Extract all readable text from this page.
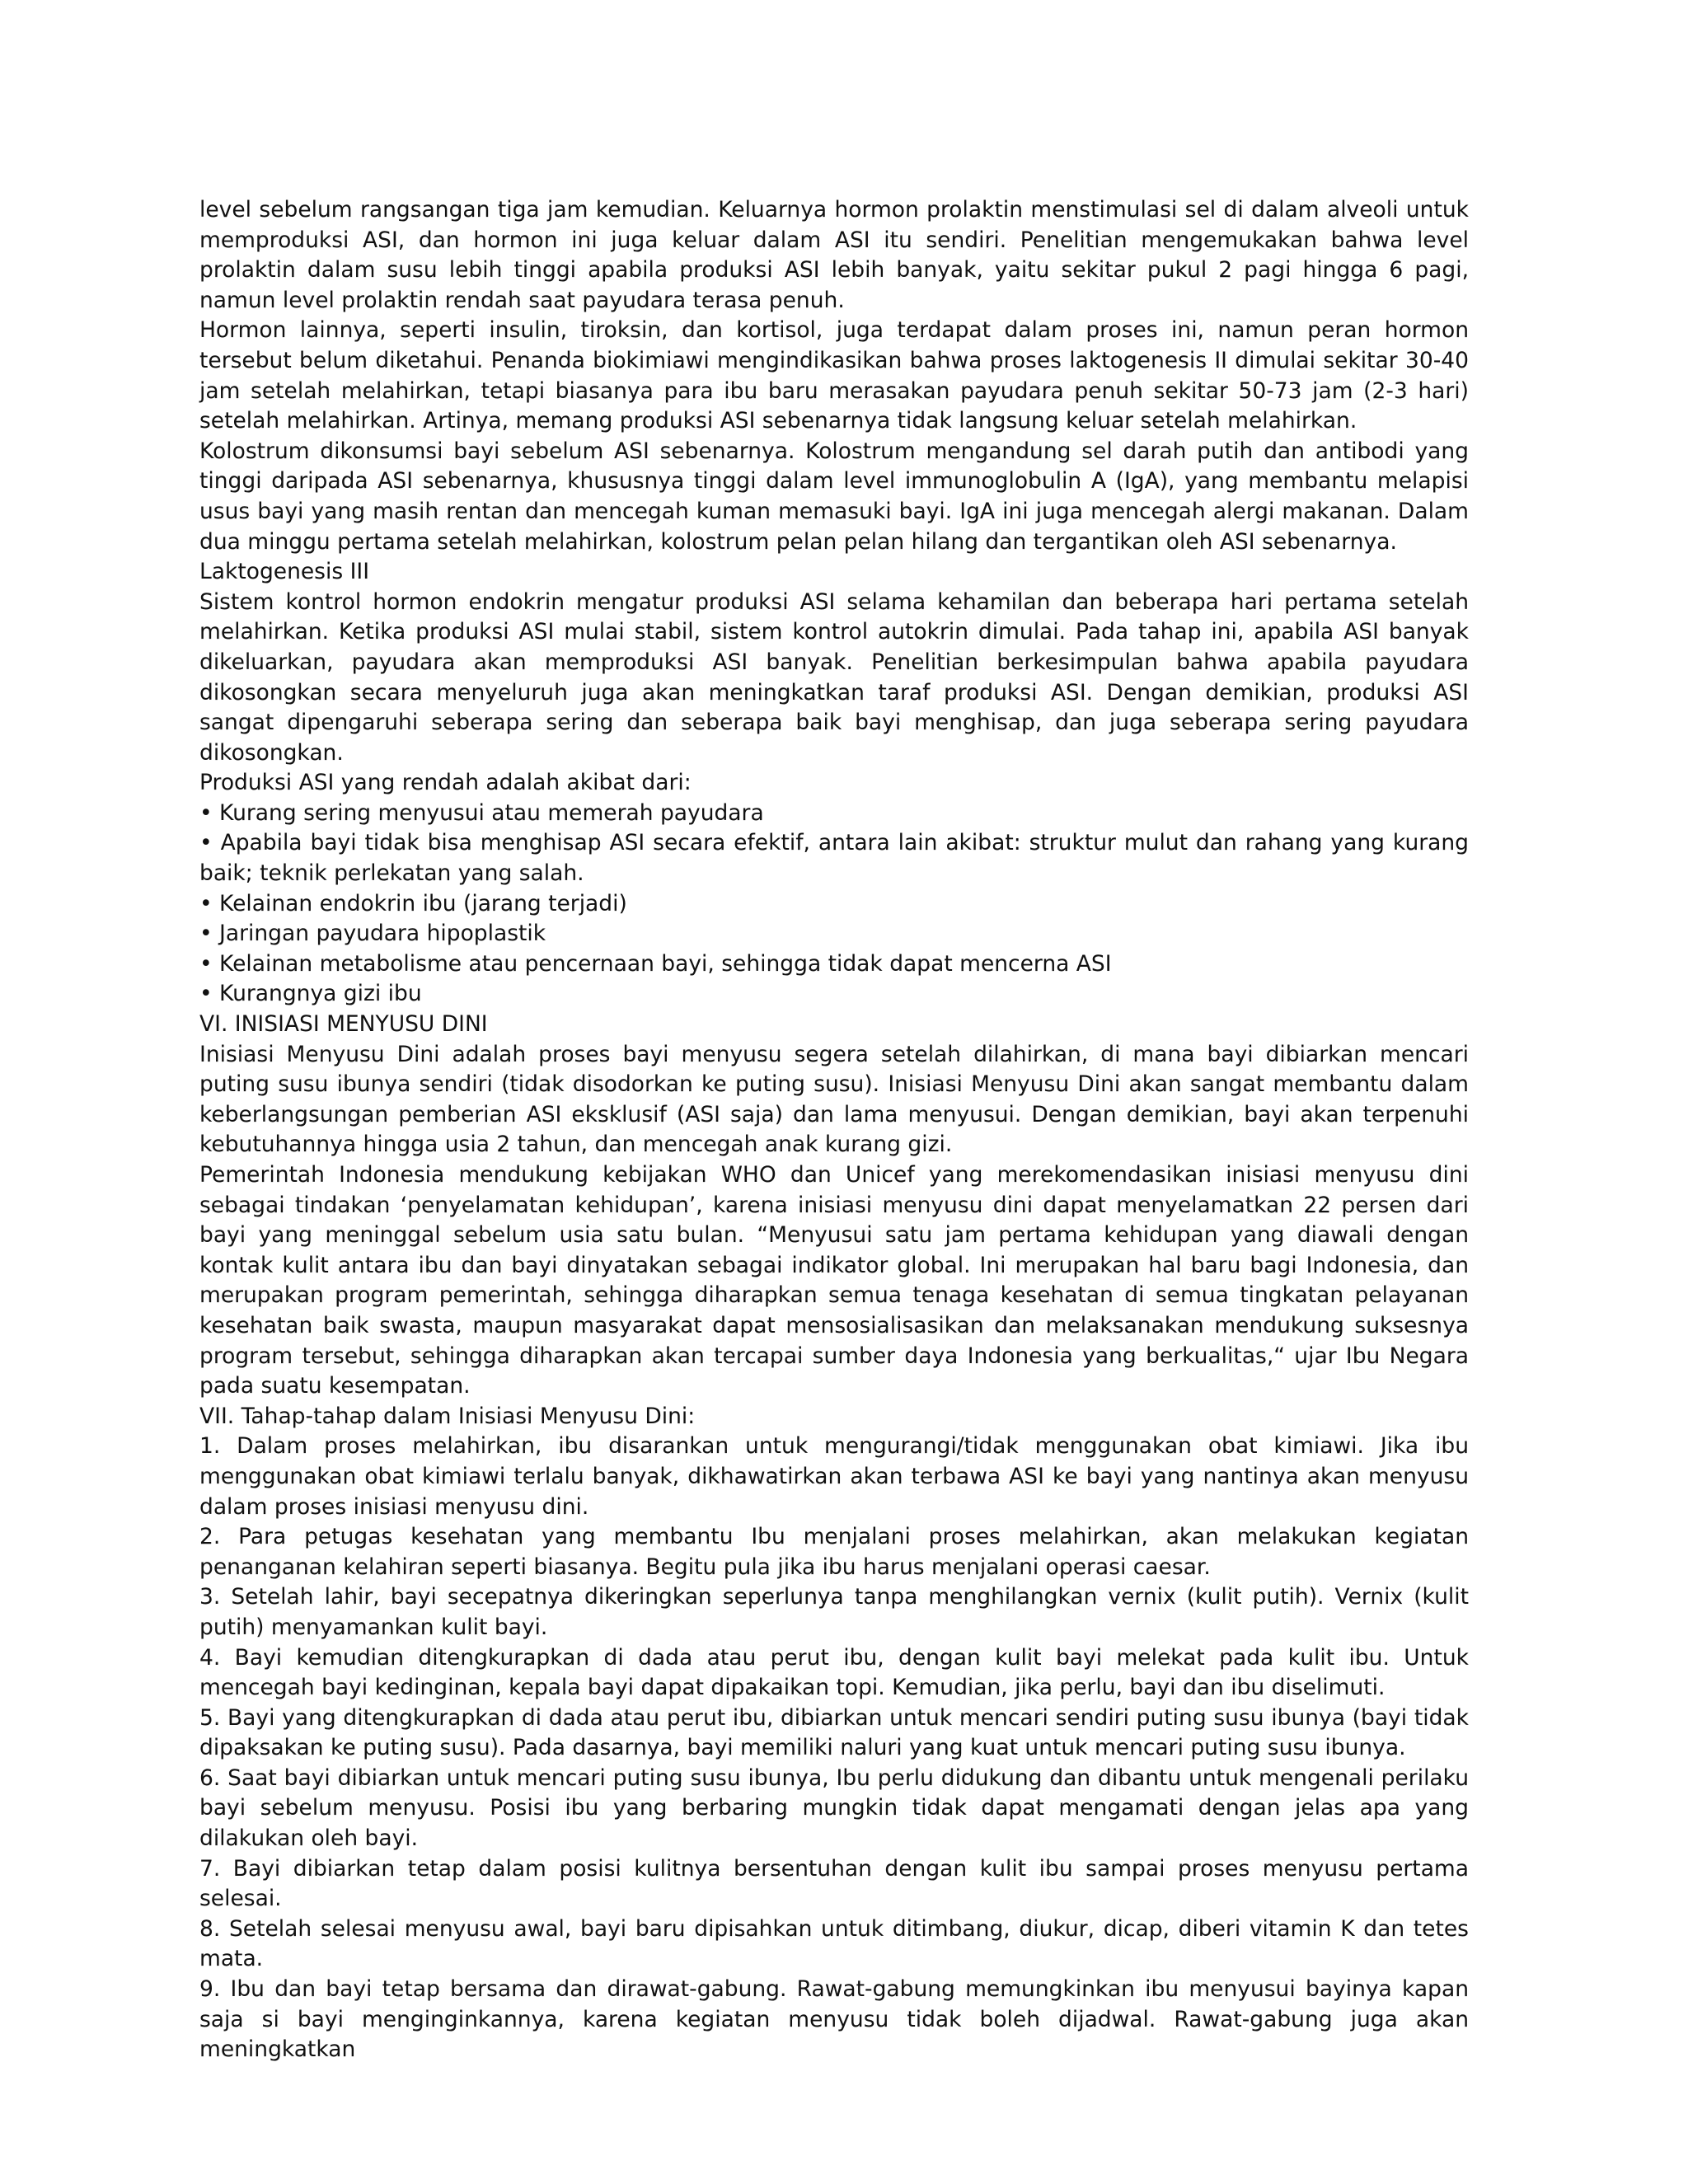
level sebelum rangsangan tiga jam kemudian. Keluarnya hormon prolaktin menstimulasi sel di dalam alveoli untuk memproduksi ASI, dan hormon ini juga keluar dalam ASI itu sendiri. Penelitian mengemukakan bahwa level prolaktin dalam susu lebih tinggi apabila produksi ASI lebih banyak, yaitu sekitar pukul 2 pagi hingga 6 pagi, namun level prolaktin rendah saat payudara terasa penuh.

Hormon lainnya, seperti insulin, tiroksin, dan kortisol, juga terdapat dalam proses ini, namun peran hormon tersebut belum diketahui. Penanda biokimiawi mengindikasikan bahwa proses laktogenesis II dimulai sekitar 30-40 jam setelah melahirkan, tetapi biasanya para ibu baru merasakan payudara penuh sekitar 50-73 jam (2-3 hari) setelah melahirkan. Artinya, memang produksi ASI sebenarnya tidak langsung keluar setelah melahirkan.

Kolostrum dikonsumsi bayi sebelum ASI sebenarnya. Kolostrum mengandung sel darah putih dan antibodi yang tinggi daripada ASI sebenarnya, khususnya tinggi dalam level immunoglobulin A (IgA), yang membantu melapisi usus bayi yang masih rentan dan mencegah kuman memasuki bayi. IgA ini juga mencegah alergi makanan. Dalam dua minggu pertama setelah melahirkan, kolostrum pelan pelan hilang dan tergantikan oleh ASI sebenarnya.

Laktogenesis III

Sistem kontrol hormon endokrin mengatur produksi ASI selama kehamilan dan beberapa hari pertama setelah melahirkan. Ketika produksi ASI mulai stabil, sistem kontrol autokrin dimulai. Pada tahap ini, apabila ASI banyak dikeluarkan, payudara akan memproduksi ASI banyak. Penelitian berkesimpulan bahwa apabila payudara dikosongkan secara menyeluruh juga akan meningkatkan taraf produksi ASI. Dengan demikian, produksi ASI sangat dipengaruhi seberapa sering dan seberapa baik bayi menghisap, dan juga seberapa sering payudara dikosongkan.

Produksi ASI yang rendah adalah akibat dari:

• Kurang sering menyusui atau memerah payudara

• Apabila bayi tidak bisa menghisap ASI secara efektif, antara lain akibat: struktur mulut dan rahang yang kurang baik; teknik perlekatan yang salah.

• Kelainan endokrin ibu (jarang terjadi)

• Jaringan payudara hipoplastik

• Kelainan metabolisme atau pencernaan bayi, sehingga tidak dapat mencerna ASI

• Kurangnya gizi ibu

VI. INISIASI MENYUSU DINI

Inisiasi Menyusu Dini adalah proses bayi menyusu segera setelah dilahirkan, di mana bayi dibiarkan mencari puting susu ibunya sendiri (tidak disodorkan ke puting susu). Inisiasi Menyusu Dini akan sangat membantu dalam keberlangsungan pemberian ASI eksklusif (ASI saja) dan lama menyusui. Dengan demikian, bayi akan terpenuhi kebutuhannya hingga usia 2 tahun, dan mencegah anak kurang gizi.

Pemerintah Indonesia mendukung kebijakan WHO dan Unicef yang merekomendasikan inisiasi menyusu dini sebagai tindakan ‘penyelamatan kehidupan’, karena inisiasi menyusu dini dapat menyelamatkan 22 persen dari bayi yang meninggal sebelum usia satu bulan. “Menyusui satu jam pertama kehidupan yang diawali dengan kontak kulit antara ibu dan bayi dinyatakan sebagai indikator global. Ini merupakan hal baru bagi Indonesia, dan merupakan program pemerintah, sehingga diharapkan semua tenaga kesehatan di semua tingkatan pelayanan kesehatan baik swasta, maupun masyarakat dapat mensosialisasikan dan melaksanakan mendukung suksesnya program tersebut, sehingga diharapkan akan tercapai sumber daya Indonesia yang berkualitas,“ ujar Ibu Negara pada suatu kesempatan.

VII. Tahap-tahap dalam Inisiasi Menyusu Dini:

1. Dalam proses melahirkan, ibu disarankan untuk mengurangi/tidak menggunakan obat kimiawi. Jika ibu menggunakan obat kimiawi terlalu banyak, dikhawatirkan akan terbawa ASI ke bayi yang nantinya akan menyusu dalam proses inisiasi menyusu dini.

2. Para petugas kesehatan yang membantu Ibu menjalani proses melahirkan, akan melakukan kegiatan penanganan kelahiran seperti biasanya. Begitu pula jika ibu harus menjalani operasi caesar.

3. Setelah lahir, bayi secepatnya dikeringkan seperlunya tanpa menghilangkan vernix (kulit putih). Vernix (kulit putih) menyamankan kulit bayi.

4. Bayi kemudian ditengkurapkan di dada atau perut ibu, dengan kulit bayi melekat pada kulit ibu. Untuk mencegah bayi kedinginan, kepala bayi dapat dipakaikan topi. Kemudian, jika perlu, bayi dan ibu diselimuti.

5. Bayi yang ditengkurapkan di dada atau perut ibu, dibiarkan untuk mencari sendiri puting susu ibunya (bayi tidak dipaksakan ke puting susu). Pada dasarnya, bayi memiliki naluri yang kuat untuk mencari puting susu ibunya.

6. Saat bayi dibiarkan untuk mencari puting susu ibunya, Ibu perlu didukung dan dibantu untuk mengenali perilaku bayi sebelum menyusu. Posisi ibu yang berbaring mungkin tidak dapat mengamati dengan jelas apa yang dilakukan oleh bayi.

7. Bayi dibiarkan tetap dalam posisi kulitnya bersentuhan dengan kulit ibu sampai proses menyusu pertama selesai.

8. Setelah selesai menyusu awal, bayi baru dipisahkan untuk ditimbang, diukur, dicap, diberi vitamin K dan tetes mata.

9. Ibu dan bayi tetap bersama dan dirawat-gabung. Rawat-gabung memungkinkan ibu menyusui bayinya kapan saja si bayi menginginkannya, karena kegiatan menyusu tidak boleh dijadwal. Rawat-gabung juga akan meningkatkan
